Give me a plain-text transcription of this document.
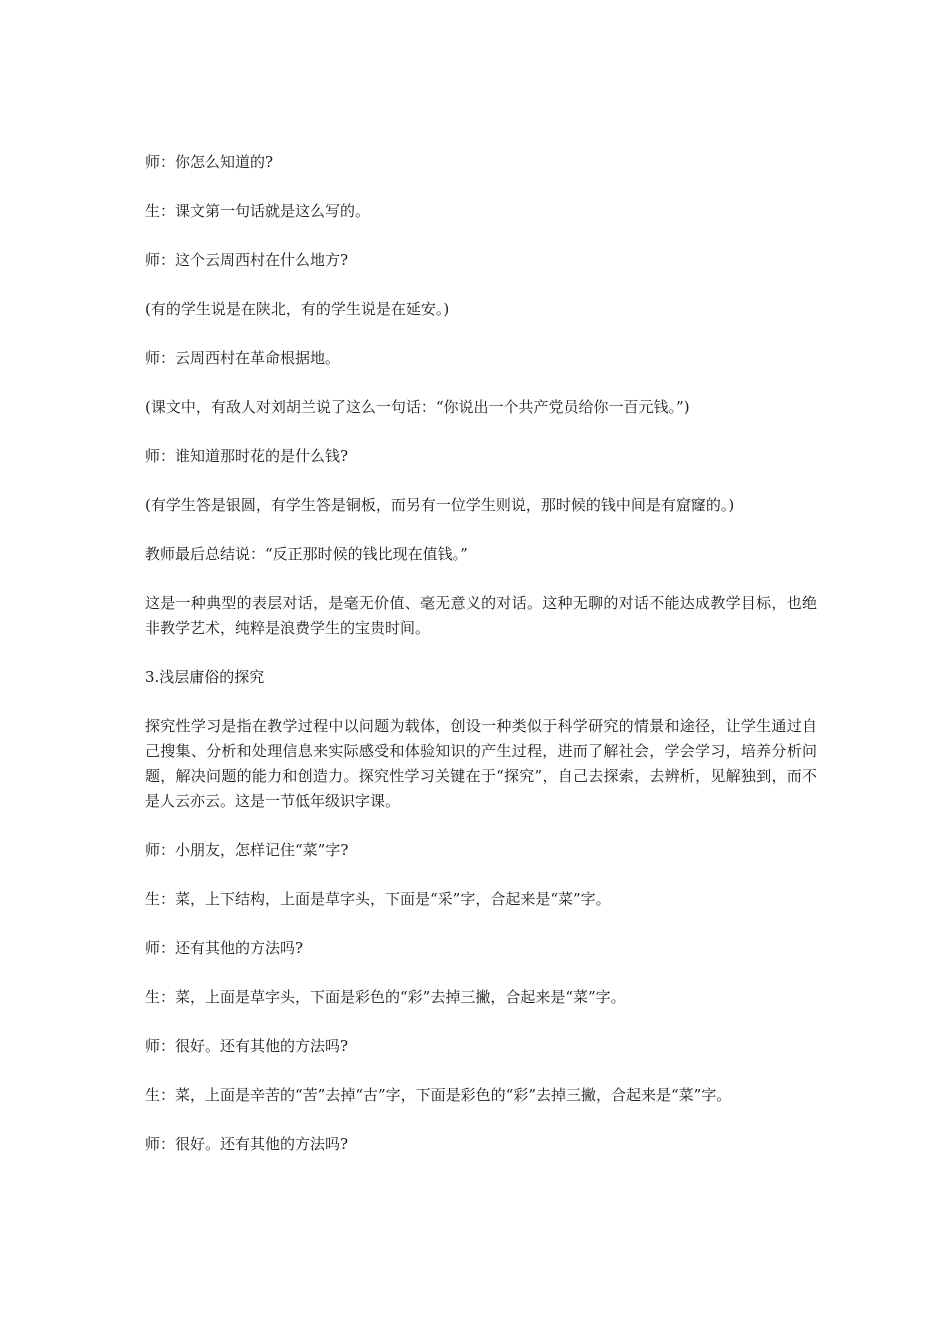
师：你怎么知道的?

生：课文第一句话就是这么写的。

师：这个云周西村在什么地方?

(有的学生说是在陕北，有的学生说是在延安。)

师：云周西村在革命根据地。

(课文中，有敌人对刘胡兰说了这么一句话：“你说出一个共产党员给你一百元钱。”)

师：谁知道那时花的是什么钱?

(有学生答是银圆，有学生答是铜板，而另有一位学生则说，那时候的钱中间是有窟窿的。)

教师最后总结说：“反正那时候的钱比现在值钱。”

这是一种典型的表层对话，是毫无价值、毫无意义的对话。这种无聊的对话不能达成教学目标，也绝非教学艺术，纯粹是浪费学生的宝贵时间。

3.浅层庸俗的探究

探究性学习是指在教学过程中以问题为载体，创设一种类似于科学研究的情景和途径，让学生通过自己搜集、分析和处理信息来实际感受和体验知识的产生过程，进而了解社会，学会学习，培养分析问题，解决问题的能力和创造力。探究性学习关键在于“探究”，自己去探索，去辨析，见解独到，而不是人云亦云。这是一节低年级识字课。

师：小朋友，怎样记住“菜”字?

生：菜，上下结构，上面是草字头，下面是“采”字，合起来是“菜”字。

师：还有其他的方法吗?

生：菜，上面是草字头，下面是彩色的“彩”去掉三撇，合起来是“菜”字。

师：很好。还有其他的方法吗?

生：菜，上面是辛苦的“苦”去掉“古”字，下面是彩色的“彩”去掉三撇，合起来是“菜”字。

师：很好。还有其他的方法吗?
